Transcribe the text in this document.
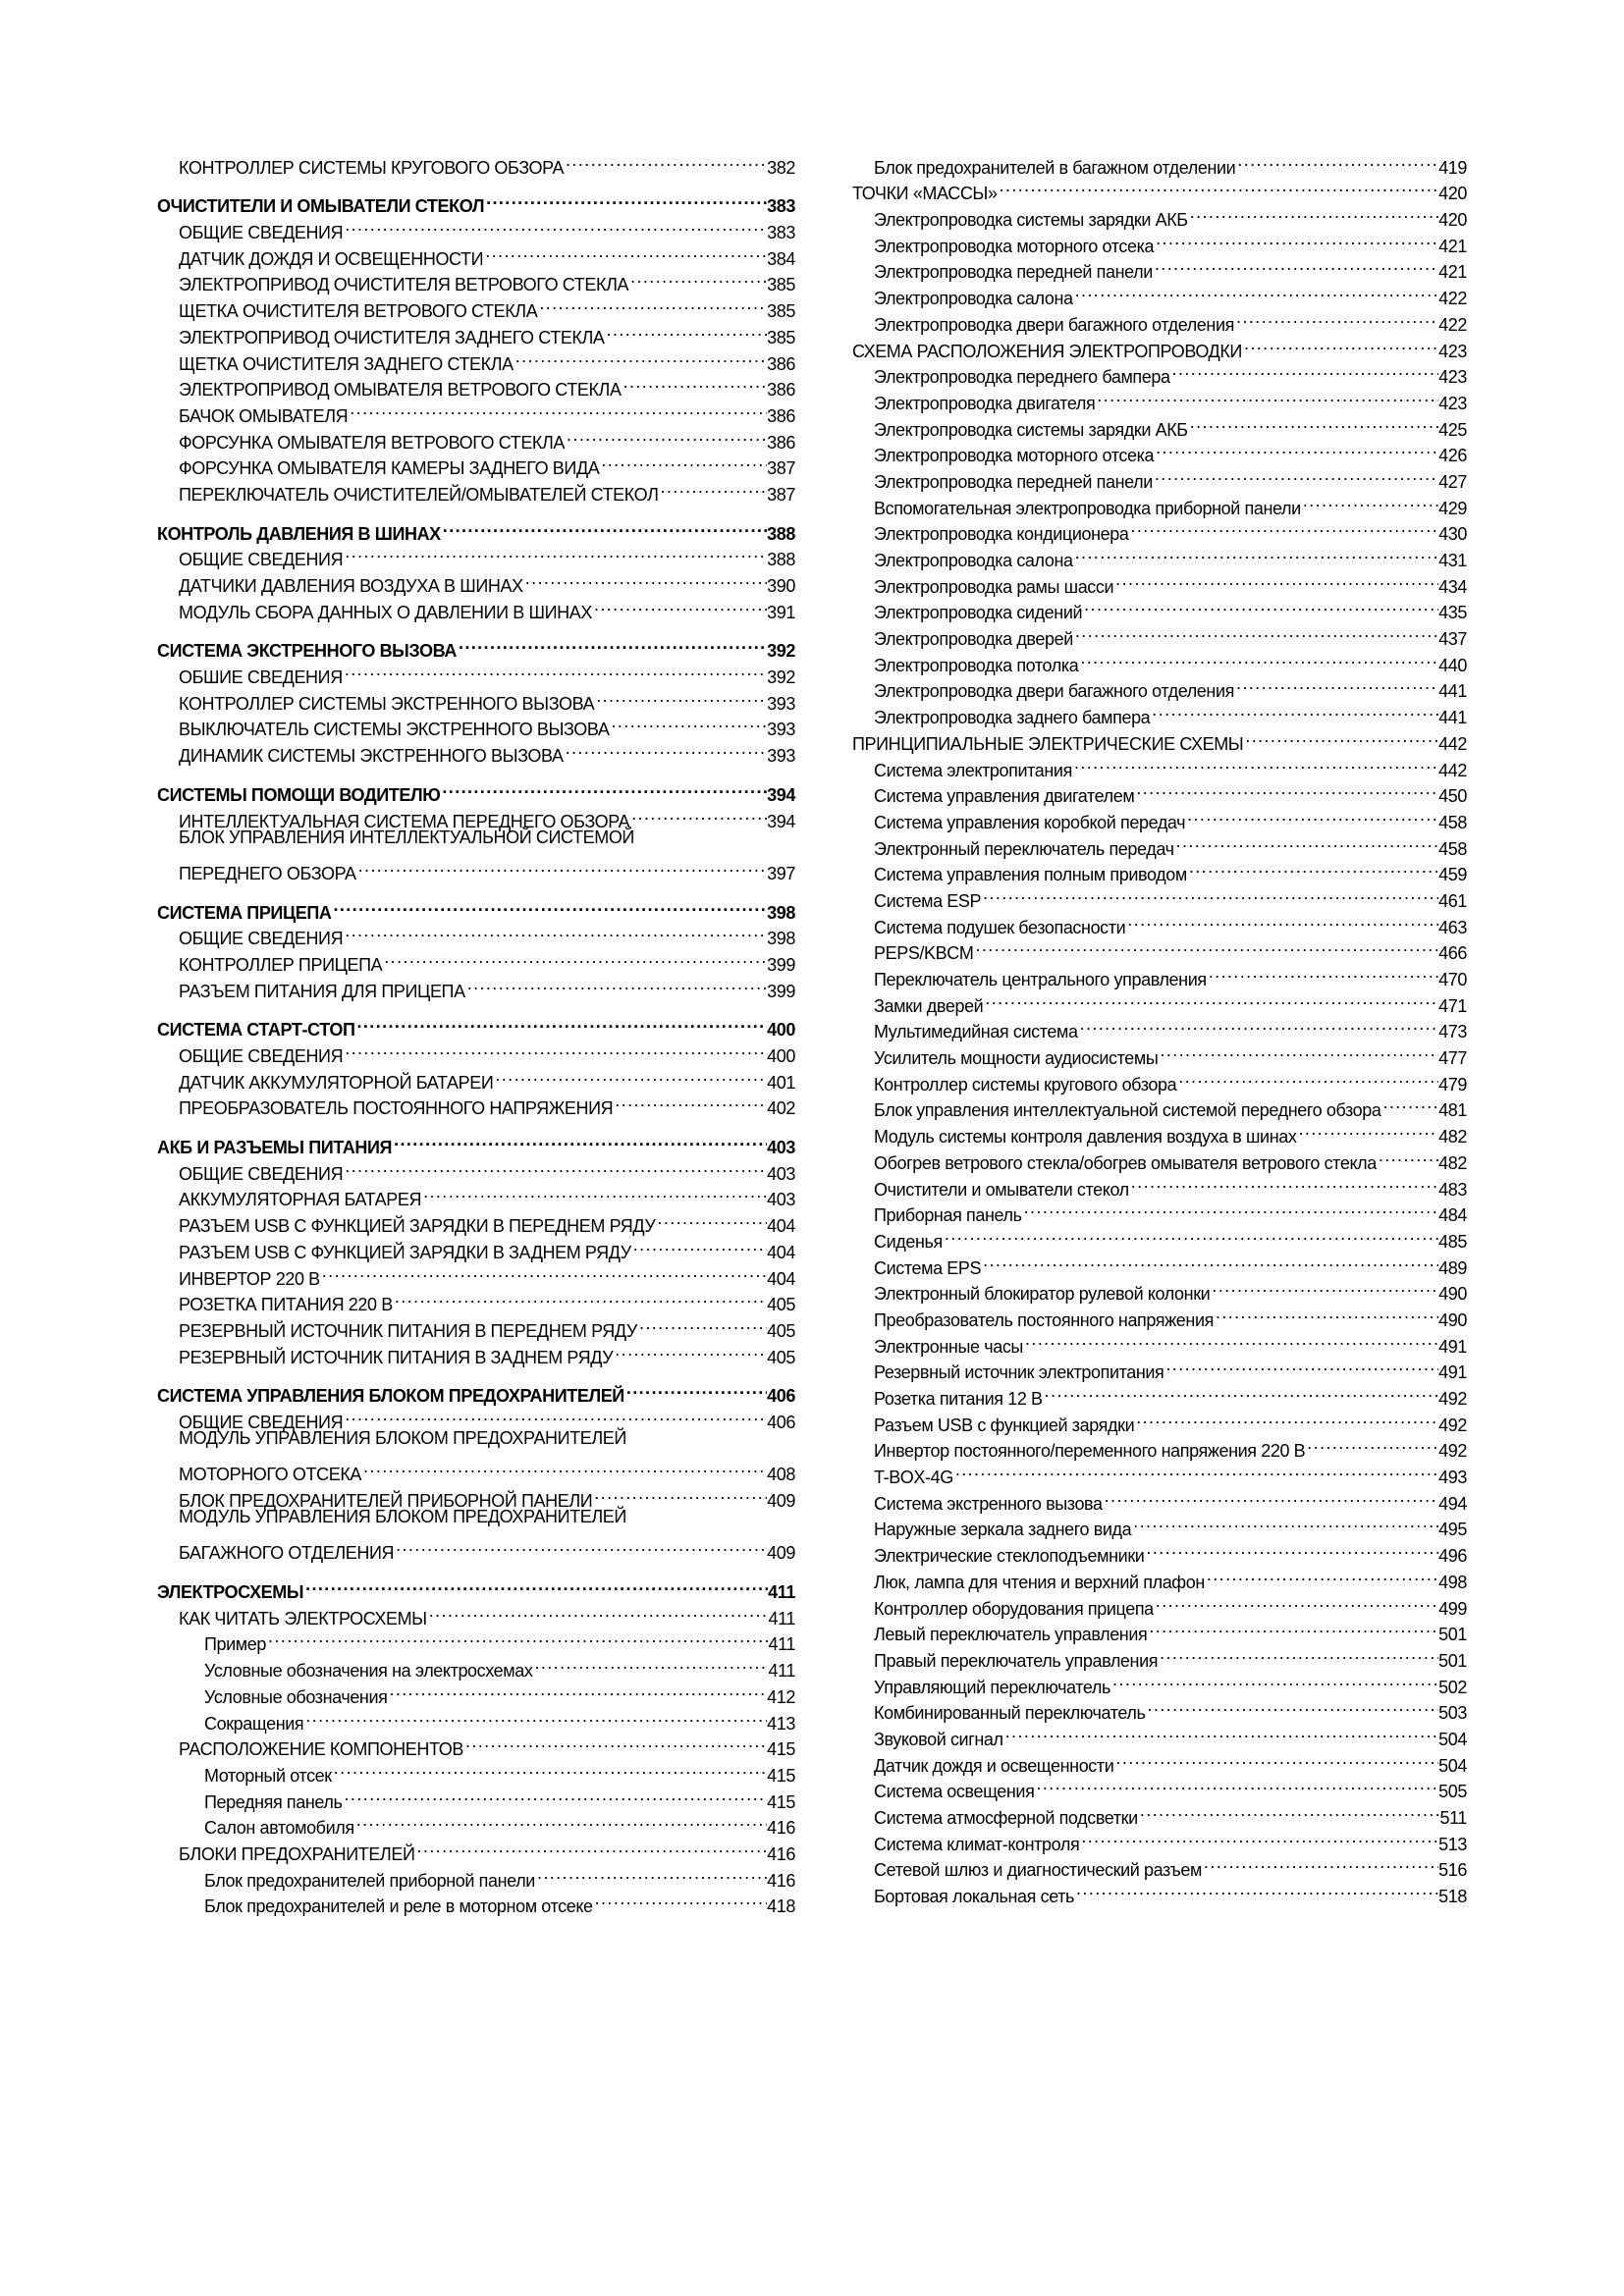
КОНТРОЛЛЕР СИСТЕМЫ КРУГОВОГО ОБЗОРА .....	382
ОЧИСТИТЕЛИ И ОМЫВАТЕЛИ СТЕКОЛ .....	383
ОБЩИЕ СВЕДЕНИЯ .....	383
ДАТЧИК ДОЖДЯ И ОСВЕЩЕННОСТИ .....	384
ЭЛЕКТРОПРИВОД ОЧИСТИТЕЛЯ ВЕТРОВОГО СТЕКЛА .....	385
ЩЕТКА ОЧИСТИТЕЛЯ ВЕТРОВОГО СТЕКЛА .....	385
ЭЛЕКТРОПРИВОД ОЧИСТИТЕЛЯ ЗАДНЕГО СТЕКЛА .....	385
ЩЕТКА ОЧИСТИТЕЛЯ ЗАДНЕГО СТЕКЛА .....	386
ЭЛЕКТРОПРИВОД ОМЫВАТЕЛЯ ВЕТРОВОГО СТЕКЛА .....	386
БАЧОК ОМЫВАТЕЛЯ .....	386
ФОРСУНКА ОМЫВАТЕЛЯ ВЕТРОВОГО СТЕКЛА .....	386
ФОРСУНКА ОМЫВАТЕЛЯ КАМЕРЫ ЗАДНЕГО ВИДА .....	387
ПЕРЕКЛЮЧАТЕЛЬ ОЧИСТИТЕЛЕЙ/ОМЫВАТЕЛЕЙ СТЕКОЛ .....	387
КОНТРОЛЬ ДАВЛЕНИЯ В ШИНАХ .....	388
ОБЩИЕ СВЕДЕНИЯ .....	388
ДАТЧИКИ ДАВЛЕНИЯ ВОЗДУХА В ШИНАХ .....	390
МОДУЛЬ СБОРА ДАННЫХ О ДАВЛЕНИИ В ШИНАХ .....	391
СИСТЕМА ЭКСТРЕННОГО ВЫЗОВА .....	392
ОБШИЕ СВЕДЕНИЯ .....	392
КОНТРОЛЛЕР СИСТЕМЫ ЭКСТРЕННОГО ВЫЗОВА .....	393
ВЫКЛЮЧАТЕЛЬ СИСТЕМЫ ЭКСТРЕННОГО ВЫЗОВА .....	393
ДИНАМИК СИСТЕМЫ ЭКСТРЕННОГО ВЫЗОВА .....	393
СИСТЕМЫ ПОМОЩИ ВОДИТЕЛЮ .....	394
ИНТЕЛЛЕКТУАЛЬНАЯ СИСТЕМА ПЕРЕДНЕГО ОБЗОРА .....	394
БЛОК УПРАВЛЕНИЯ ИНТЕЛЛЕКТУАЛЬНОЙ СИСТЕМОЙ
ПЕРЕДНЕГО ОБЗОРА .....	397
СИСТЕМА ПРИЦЕПА .....	398
ОБЩИЕ СВЕДЕНИЯ .....	398
КОНТРОЛЛЕР ПРИЦЕПА .....	399
РАЗЪЕМ ПИТАНИЯ ДЛЯ ПРИЦЕПА .....	399
СИСТЕМА СТАРТ-СТОП .....	400
ОБЩИЕ СВЕДЕНИЯ .....	400
ДАТЧИК АККУМУЛЯТОРНОЙ БАТАРЕИ .....	401
ПРЕОБРАЗОВАТЕЛЬ ПОСТОЯННОГО НАПРЯЖЕНИЯ .....	402
АКБ И РАЗЪЕМЫ ПИТАНИЯ .....	403
ОБЩИЕ СВЕДЕНИЯ .....	403
АККУМУЛЯТОРНАЯ БАТАРЕЯ .....	403
РАЗЪЕМ USB С ФУНКЦИЕЙ ЗАРЯДКИ В ПЕРЕДНЕМ РЯДУ .....	404
РАЗЪЕМ USB С ФУНКЦИЕЙ ЗАРЯДКИ В ЗАДНЕМ РЯДУ .....	404
ИНВЕРТОР 220 В .....	404
РОЗЕТКА ПИТАНИЯ 220 В .....	405
РЕЗЕРВНЫЙ ИСТОЧНИК ПИТАНИЯ В ПЕРЕДНЕМ РЯДУ .....	405
РЕЗЕРВНЫЙ ИСТОЧНИК ПИТАНИЯ В ЗАДНЕМ РЯДУ .....	405
СИСТЕМА УПРАВЛЕНИЯ БЛОКОМ ПРЕДОХРАНИТЕЛЕЙ .....	406
ОБЩИЕ СВЕДЕНИЯ .....	406
МОДУЛЬ УПРАВЛЕНИЯ БЛОКОМ ПРЕДОХРАНИТЕЛЕЙ
МОТОРНОГО ОТСЕКА .....	408
БЛОК ПРЕДОХРАНИТЕЛЕЙ ПРИБОРНОЙ ПАНЕЛИ .....	409
МОДУЛЬ УПРАВЛЕНИЯ БЛОКОМ ПРЕДОХРАНИТЕЛЕЙ
БАГАЖНОГО ОТДЕЛЕНИЯ .....	409
ЭЛЕКТРОСХЕМЫ .....	411
КАК ЧИТАТЬ ЭЛЕКТРОСХЕМЫ .....	411
Пример .....	411
Условные обозначения на электросхемах .....	411
Условные обозначения .....	412
Сокращения .....	413
РАСПОЛОЖЕНИЕ КОМПОНЕНТОВ .....	415
Моторный отсек .....	415
Передняя панель .....	415
Салон автомобиля .....	416
БЛОКИ ПРЕДОХРАНИТЕЛЕЙ .....	416
Блок предохранителей приборной панели .....	416
Блок предохранителей и реле в моторном отсеке .....	418
Блок предохранителей в багажном отделении .....	419
ТОЧКИ «МАССЫ» .....	420
Электропроводка системы зарядки АКБ .....	420
Электропроводка моторного отсека .....	421
Электропроводка передней панели .....	421
Электропроводка салона .....	422
Электропроводка двери багажного отделения .....	422
СХЕМА РАСПОЛОЖЕНИЯ ЭЛЕКТРОПРОВОДКИ .....	423
Электропроводка переднего бампера .....	423
Электропроводка двигателя .....	423
Электропроводка системы зарядки АКБ .....	425
Электропроводка моторного отсека .....	426
Электропроводка передней панели .....	427
Вспомогательная электропроводка приборной панели .....	429
Электропроводка кондиционера .....	430
Электропроводка салона .....	431
Электропроводка рамы шасси .....	434
Электропроводка сидений .....	435
Электропроводка дверей .....	437
Электропроводка потолка .....	440
Электропроводка двери багажного отделения .....	441
Электропроводка заднего бампера .....	441
ПРИНЦИПИАЛЬНЫЕ ЭЛЕКТРИЧЕСКИЕ СХЕМЫ .....	442
Система электропитания .....	442
Система управления двигателем .....	450
Система управления коробкой передач .....	458
Электронный переключатель передач .....	458
Система управления полным приводом .....	459
Система ESP .....	461
Система подушек безопасности .....	463
PEPS/KBCM .....	466
Переключатель центрального управления .....	470
Замки дверей .....	471
Мультимедийная система .....	473
Усилитель мощности аудиосистемы .....	477
Контроллер системы кругового обзора .....	479
Блок управления интеллектуальной системой переднего обзора .....	481
Модуль системы контроля давления воздуха в шинах .....	482
Обогрев ветрового стекла/обогрев омывателя ветрового стекла .....	482
Очистители и омыватели стекол .....	483
Приборная панель .....	484
Сиденья .....	485
Система EPS .....	489
Электронный блокиратор рулевой колонки .....	490
Преобразователь постоянного напряжения .....	490
Электронные часы .....	491
Резервный источник электропитания .....	491
Розетка питания 12 В .....	492
Разъем USB с функцией зарядки .....	492
Инвертор постоянного/переменного напряжения 220 В .....	492
T-BOX-4G .....	493
Система экстренного вызова .....	494
Наружные зеркала заднего вида .....	495
Электрические стеклоподъемники .....	496
Люк, лампа для чтения и верхний плафон .....	498
Контроллер оборудования прицепа .....	499
Левый переключатель управления .....	501
Правый переключатель управления .....	501
Управляющий переключатель .....	502
Комбинированный переключатель .....	503
Звуковой сигнал .....	504
Датчик дождя и освещенности .....	504
Система освещения .....	505
Система атмосферной подсветки .....	511
Система климат-контроля .....	513
Сетевой шлюз и диагностический разъем .....	516
Бортовая локальная сеть .....	518
